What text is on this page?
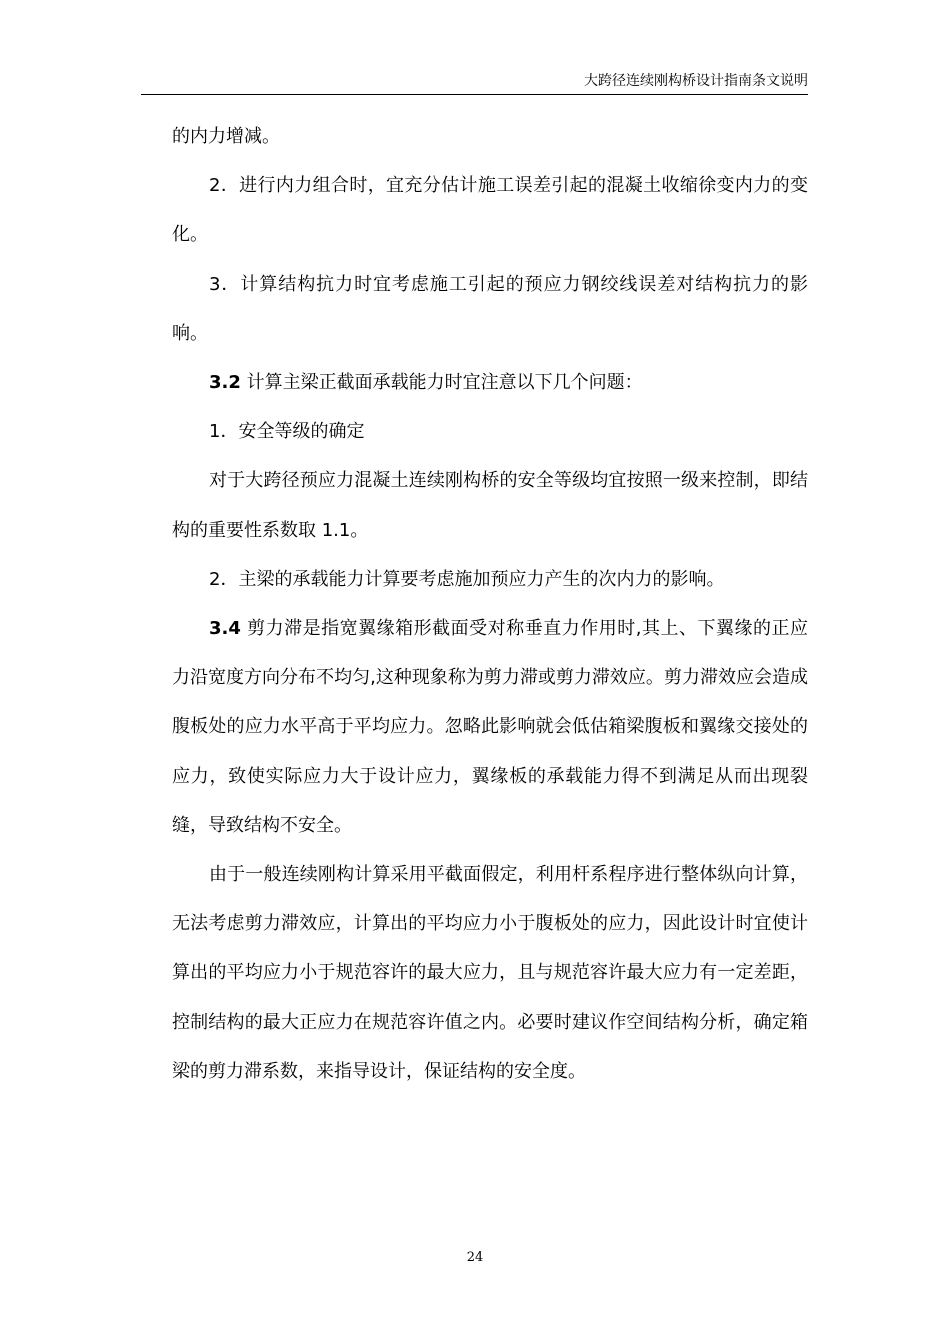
大跨径连续刚构桥设计指南条文说明

的内力增减。

2．进行内力组合时，宜充分估计施工误差引起的混凝土收缩徐变内力的变化。

3．计算结构抗力时宜考虑施工引起的预应力钢绞线误差对结构抗力的影响。

3.2 计算主梁正截面承载能力时宜注意以下几个问题：

1．安全等级的确定

对于大跨径预应力混凝土连续刚构桥的安全等级均宜按照一级来控制，即结构的重要性系数取 1.1。

2．主梁的承载能力计算要考虑施加预应力产生的次内力的影响。

3.4 剪力滞是指宽翼缘箱形截面受对称垂直力作用时,其上、下翼缘的正应力沿宽度方向分布不均匀,这种现象称为剪力滞或剪力滞效应。剪力滞效应会造成腹板处的应力水平高于平均应力。忽略此影响就会低估箱梁腹板和翼缘交接处的应力，致使实际应力大于设计应力，翼缘板的承载能力得不到满足从而出现裂缝，导致结构不安全。

由于一般连续刚构计算采用平截面假定，利用杆系程序进行整体纵向计算，无法考虑剪力滞效应，计算出的平均应力小于腹板处的应力，因此设计时宜使计算出的平均应力小于规范容许的最大应力，且与规范容许最大应力有一定差距，控制结构的最大正应力在规范容许值之内。必要时建议作空间结构分析，确定箱梁的剪力滞系数，来指导设计，保证结构的安全度。

24
